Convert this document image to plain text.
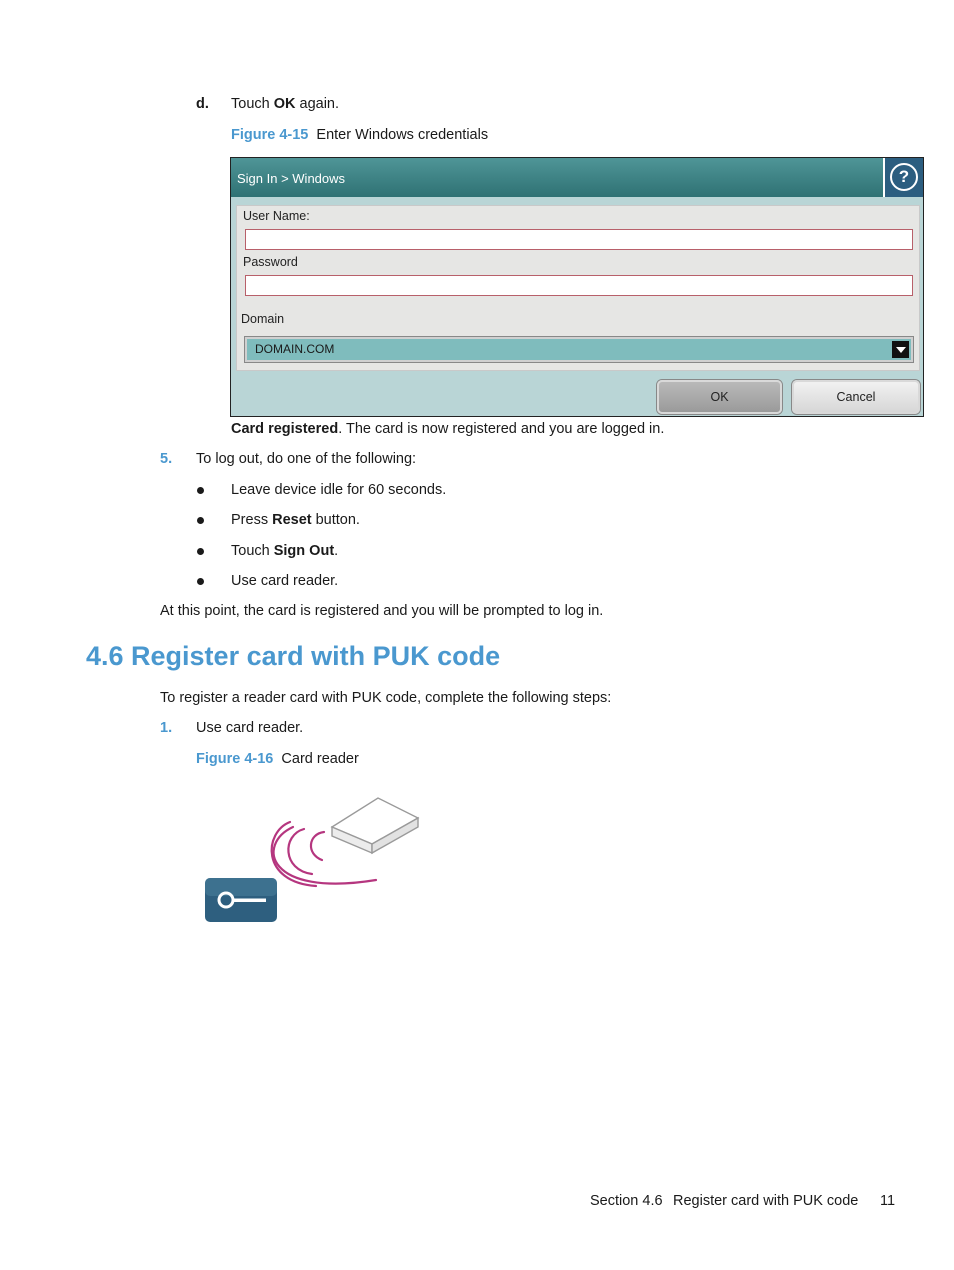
d. Touch OK again.
Figure 4-15 Enter Windows credentials
Sign In > Windows	?
User Name:
Password
Domain
DOMAIN.COM
OK	Cancel
Card registered. The card is now registered and you are logged in.
5. To log out, do one of the following:
Leave device idle for 60 seconds.
Press Reset button.
Touch Sign Out.
Use card reader.
At this point, the card is registered and you will be prompted to log in.
4.6 Register card with PUK code
To register a reader card with PUK code, complete the following steps:
1. Use card reader.
Figure 4-16 Card reader
Section 4.6 Register card with PUK code 11
